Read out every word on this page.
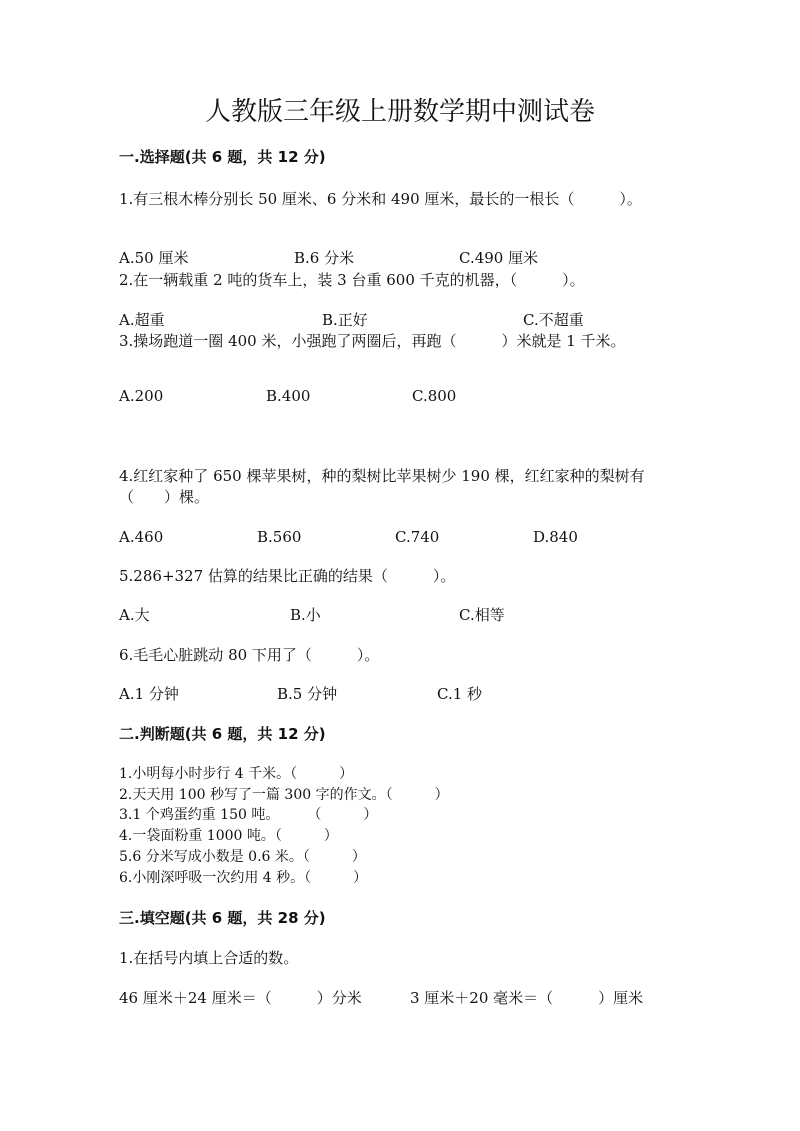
人教版三年级上册数学期中测试卷
一.选择题(共 6 题，共 12 分)
1.有三根木棒分别长 50 厘米、6 分米和 490 厘米，最长的一根长（　　　）。
A.50 厘米	B.6 分米	C.490 厘米
2.在一辆载重 2 吨的货车上，装 3 台重 600 千克的机器，（　　　）。
A.超重	B.正好	C.不超重
3.操场跑道一圈 400 米，小强跑了两圈后，再跑（　　　）米就是 1 千米。
A.200	B.400	C.800
4.红红家种了 650 棵苹果树，种的梨树比苹果树少 190 棵，红红家种的梨树有
（　　）棵。
A.460	B.560	C.740	D.840
5.286+327 估算的结果比正确的结果（　　　）。
A.大	B.小	C.相等
6.毛毛心脏跳动 80 下用了（　　　）。
A.1 分钟	B.5 分钟	C.1 秒
二.判断题(共 6 题，共 12 分)
1.小明每小时步行 4 千米。（　　　）
2.天天用 100 秒写了一篇 300 字的作文。（　　　）
3.1 个鸡蛋约重 150 吨。　　　（　　　）
4.一袋面粉重 1000 吨。（　　　）
5.6 分米写成小数是 0.6 米。（　　　）
6.小刚深呼吸一次约用 4 秒。（　　　）
三.填空题(共 6 题，共 28 分)
1.在括号内填上合适的数。
46 厘米＋24 厘米＝（　　　）分米	3 厘米＋20 毫米＝（　　　）厘米
